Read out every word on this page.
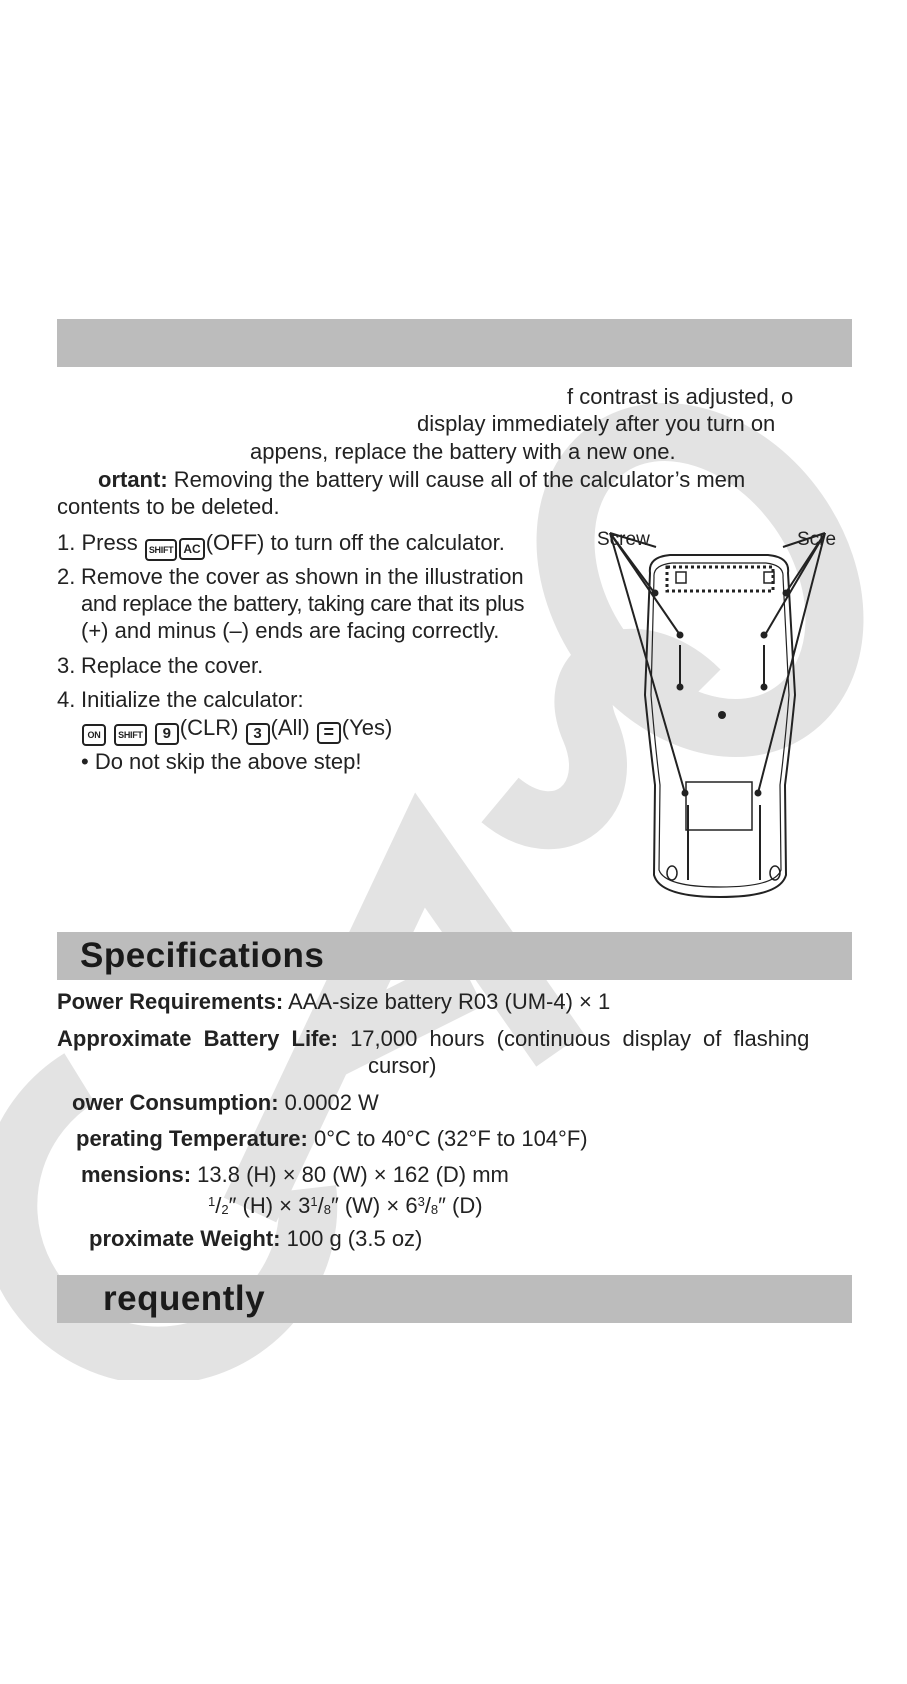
f contrast is adjusted, o
display immediately after you turn on
appens, replace the battery with a new one.
ortant: Removing the battery will cause all of the calculator’s mem
contents to be deleted.
1. Press SHIFT AC (OFF) to turn off the calculator.
2. Remove the cover as shown in the illustration
and replace the battery, taking care that its plus
(+) and minus (–) ends are facing correctly.
3. Replace the cover.
4. Initialize the calculator:
ON SHIFT 9 (CLR) 3 (All) = (Yes)
• Do not skip the above step!
Screw	Scre
Specifications
Power Requirements: AAA-size battery R03 (UM-4) × 1
Approximate Battery Life: 17,000 hours (continuous display of flashing
cursor)
ower Consumption: 0.0002 W
perating Temperature: 0°C to 40°C (32°F to 104°F)
mensions: 13.8 (H) × 80 (W) × 162 (D) mm
$^1$/2″ $(H) \times 3^1/8''$ $(W) \times 6^3/8''$ (D)
proximate Weight: 100 g (3.5 oz)
requently
